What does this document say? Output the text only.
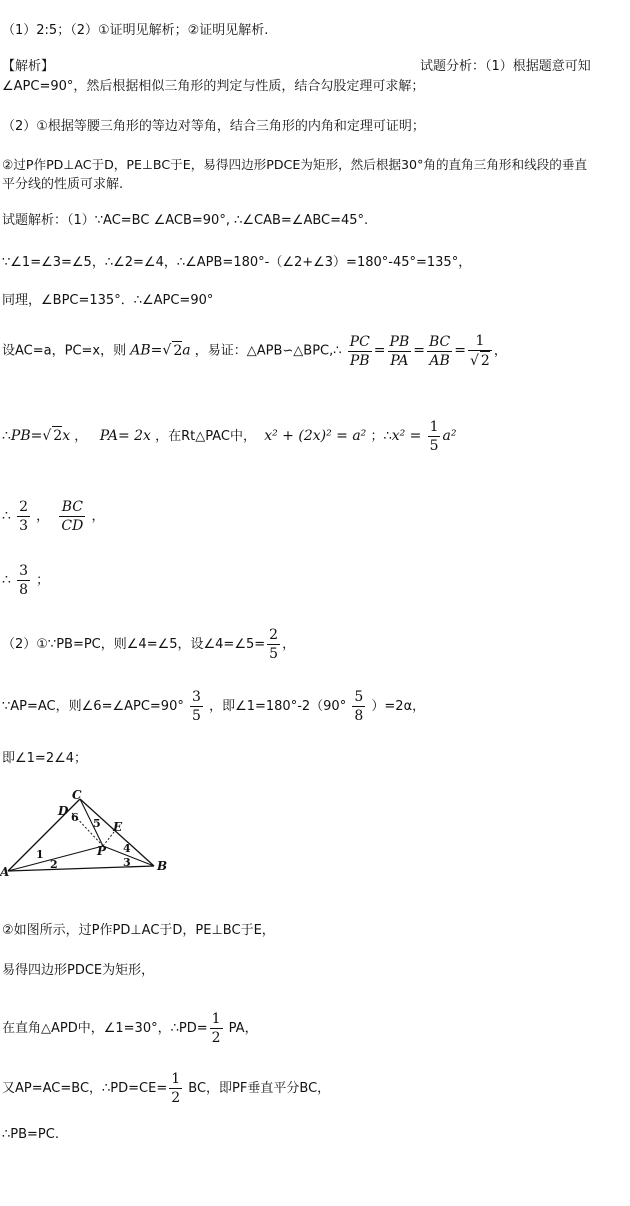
（1）2:5；（2）①证明见解析；②证明见解析.
【解析】	试题分析：（1）根据题意可知
∠APC=90°，然后根据相似三角形的判定与性质，结合勾股定理可求解；
（2）①根据等腰三角形的等边对等角，结合三角形的内角和定理可证明；
②过P作PD⊥AC于D，PE⊥BC于E，易得四边形PDCE为矩形，然后根据30°角的直角三角形和线段的垂直
平分线的性质可求解.
试题解析：（1）∵AC=BC ∠ACB=90°, ∴∠CAB=∠ABC=45°.
∵∠1=∠3=∠5，∴∠2=∠4，∴∠APB=180°-（∠2+∠3）=180°-45°=135°，
同理，∠BPC=135°．∴∠APC=90°
设AC=a，PC=x，则 AB=√ 2a ，易证：△APB∽△BPC,∴ $\frac{PC}{PB} = \frac{PB}{PA} = \frac{BC}{AB} = \frac{1}{√ 2}$ ，
∴PB=√ 2x ， PA= 2x ，在Rt△PAC中， x² + (2x)² = a² ；∴x² = $\frac{1}{5} a^2$
∴ $\frac{2}{3}$ ， $\frac{BC}{CD}$ ，
∴ $\frac{3}{8}$ ；
（2）①∵PB=PC，则∠4=∠5，设∠4=∠5= $\frac{2}{5}$ ，
∵AP=AC，则∠6=∠APC=90° $\frac{3}{5}$ ，即∠1=180°-2（90° $\frac{5}{8} )=2\alpha$，
即∠1=2∠4；
C
D
E
P
A	B
1
2	3
4
5
6
②如图所示，过P作PD⊥AC于D，PE⊥BC于E，
易得四边形PDCE为矩形，
在直角△APD中，∠1=30°，∴PD= $\frac{1}{2}$ PA，
又AP=AC=BC，∴PD=CE= $\frac{1}{2}$ BC，即PF垂直平分BC，
∴PB=PC.
